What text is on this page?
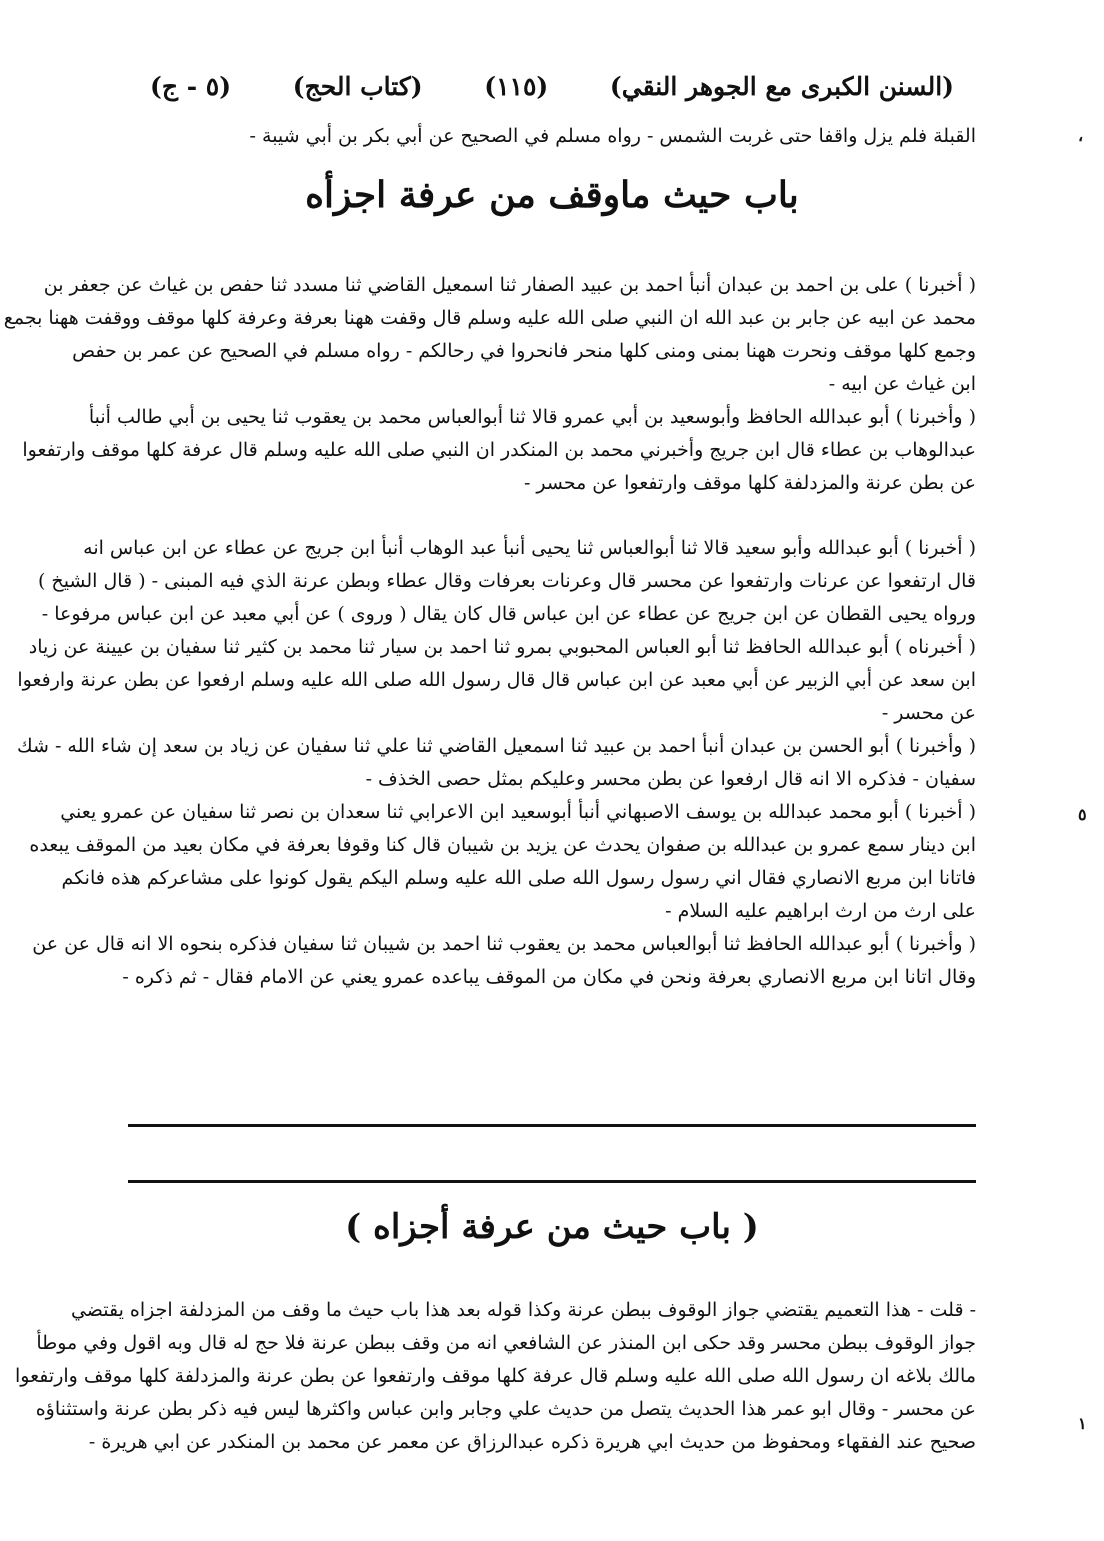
(السنن الكبرى مع الجوهر النقي)
(١١٥)
(كتاب الحج)
(٥ - ج)
القبلة فلم يزل واقفا حتى غربت الشمس - رواه مسلم في الصحيح عن أبي بكر بن أبي شيبة -	،
باب حيث ماوقف من عرفة اجزأه
( أخبرنا ) على بن احمد بن عبدان أنبأ احمد بن عبيد الصفار ثنا اسمعيل القاضي ثنا مسدد ثنا حفص بن غياث عن جعفر بن
محمد عن ابيه عن جابر بن عبد الله ان النبي صلى الله عليه وسلم قال وقفت ههنا بعرفة وعرفة كلها موقف ووقفت ههنا بجمع
وجمع كلها موقف ونحرت ههنا بمنى ومنى كلها منحر فانحروا في رحالكم - رواه مسلم في الصحيح عن عمر بن حفص
ابن غياث عن ابيه -
( وأخبرنا ) أبو عبدالله الحافظ وأبوسعيد بن أبي عمرو قالا ثنا أبوالعباس محمد بن يعقوب ثنا يحيى بن أبي طالب أنبأ
عبدالوهاب بن عطاء قال ابن جريج وأخبرني محمد بن المنكدر ان النبي صلى الله عليه وسلم قال عرفة كلها موقف وارتفعوا
عن بطن عرنة والمزدلفة كلها موقف وارتفعوا عن محسر -
( أخبرنا ) أبو عبدالله وأبو سعيد قالا ثنا أبوالعباس ثنا يحيى أنبأ عبد الوهاب أنبأ ابن جريج عن عطاء عن ابن عباس انه
قال ارتفعوا عن عرنات وارتفعوا عن محسر قال وعرنات بعرفات وقال عطاء وبطن عرنة الذي فيه المبنى - ( قال الشيخ )
ورواه يحيى القطان عن ابن جريج عن عطاء عن ابن عباس قال كان يقال ( وروى ) عن أبي معبد عن ابن عباس مرفوعا -
( أخبرناه ) أبو عبدالله الحافظ ثنا أبو العباس المحبوبي بمرو ثنا احمد بن سيار ثنا محمد بن كثير ثنا سفيان بن عيينة عن زياد
ابن سعد عن أبي الزبير عن أبي معبد عن ابن عباس قال قال رسول الله صلى الله عليه وسلم ارفعوا عن بطن عرنة وارفعوا
عن محسر -
( وأخبرنا ) أبو الحسن بن عبدان أنبأ احمد بن عبيد ثنا اسمعيل القاضي ثنا علي ثنا سفيان عن زياد بن سعد إن شاء الله - شك
سفيان - فذكره الا انه قال ارفعوا عن بطن محسر وعليكم بمثل حصى الخذف -
( أخبرنا ) أبو محمد عبدالله بن يوسف الاصبهاني أنبأ أبوسعيد ابن الاعرابي ثنا سعدان بن نصر ثنا سفيان عن عمرو يعني
ابن دينار سمع عمرو بن عبدالله بن صفوان يحدث عن يزيد بن شيبان قال كنا وقوفا بعرفة في مكان بعيد من الموقف يبعده
فاتانا ابن مربع الانصاري فقال اني رسول رسول الله صلى الله عليه وسلم اليكم يقول كونوا على مشاعركم هذه فانكم
على ارث من ارث ابراهيم عليه السلام -
( وأخبرنا ) أبو عبدالله الحافظ ثنا أبوالعباس محمد بن يعقوب ثنا احمد بن شيبان ثنا سفيان فذكره بنحوه الا انه قال عن عن
وقال اتانا ابن مربع الانصاري بعرفة ونحن في مكان من الموقف يباعده عمرو يعني عن الامام فقال - ثم ذكره -
٥
( باب حيث من عرفة أجزاه )
- قلت - هذا التعميم يقتضي جواز الوقوف ببطن عرنة وكذا قوله بعد هذا باب حيث ما وقف من المزدلفة اجزاه يقتضي
جواز الوقوف ببطن محسر وقد حكى ابن المنذر عن الشافعي انه من وقف ببطن عرنة فلا حج له قال وبه اقول وفي موطأ
مالك بلاغه ان رسول الله صلى الله عليه وسلم قال عرفة كلها موقف وارتفعوا عن بطن عرنة والمزدلفة كلها موقف وارتفعوا
عن محسر - وقال ابو عمر هذا الحديث يتصل من حديث علي وجابر وابن عباس واكثرها ليس فيه ذكر بطن عرنة واستثناؤه
صحيح عند الفقهاء ومحفوظ من حديث ابي هريرة ذكره عبدالرزاق عن معمر عن محمد بن المنكدر عن ابي هريرة -
١
